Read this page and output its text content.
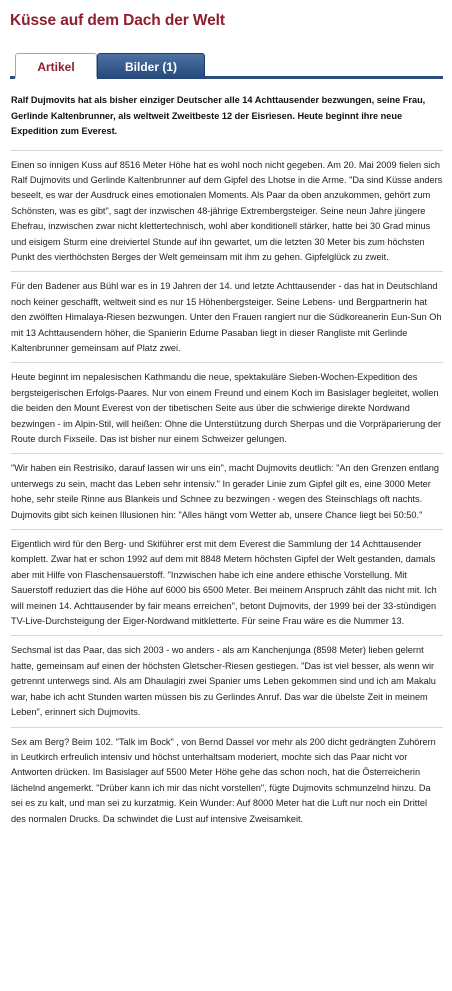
Küsse auf dem Dach der Welt
Artikel	Bilder (1)

Ralf Dujmovits hat als bisher einziger Deutscher alle 14 Achttausender bezwungen, seine Frau, Gerlinde Kaltenbrunner, als weltweit Zweitbeste 12 der Eisriesen. Heute beginnt ihre neue Expedition zum Everest.

Einen so innigen Kuss auf 8516 Meter Höhe hat es wohl noch nicht gegeben. Am 20. Mai 2009 fielen sich Ralf Dujmovits und Gerlinde Kaltenbrunner auf dem Gipfel des Lhotse in die Arme. "Da sind Küsse anders beseelt, es war der Ausdruck eines emotionalen Moments. Als Paar da oben anzukommen, gehört zum Schönsten, was es gibt", sagt der inzwischen 48-jährige Extrembergsteiger. Seine neun Jahre jüngere Ehefrau, inzwischen zwar nicht klettertechnisch, wohl aber konditionell stärker, hatte bei 30 Grad minus und eisigem Sturm eine dreiviertel Stunde auf ihn gewartet, um die letzten 30 Meter bis zum höchsten Punkt des vierthöchsten Berges der Welt gemeinsam mit ihm zu gehen. Gipfelglück zu zweit.

Für den Badener aus Bühl war es in 19 Jahren der 14. und letzte Achttausender - das hat in Deutschland noch keiner geschafft, weltweit sind es nur 15 Höhenbergsteiger. Seine Lebens- und Bergpartnerin hat den zwölften Himalaya-Riesen bezwungen. Unter den Frauen rangiert nur die Südkoreanerin Eun-Sun Oh mit 13 Achttausendern höher, die Spanierin Edurne Pasaban liegt in dieser Rangliste mit Gerlinde Kaltenbrunner gemeinsam auf Platz zwei.

Heute beginnt im nepalesischen Kathmandu die neue, spektakuläre Sieben-Wochen-Expedition des bergsteigerischen Erfolgs-Paares. Nur von einem Freund und einem Koch im Basislager begleitet, wollen die beiden den Mount Everest von der tibetischen Seite aus über die schwierige direkte Nordwand bezwingen - im Alpin-Stil, will heißen: Ohne die Unterstützung durch Sherpas und die Vorpräparierung der Route durch Fixseile. Das ist bisher nur einem Schweizer gelungen.

"Wir haben ein Restrisiko, darauf lassen wir uns ein", macht Dujmovits deutlich: "An den Grenzen entlang unterwegs zu sein, macht das Leben sehr intensiv." In gerader Linie zum Gipfel gilt es, eine 3000 Meter hohe, sehr steile Rinne aus Blankeis und Schnee zu bezwingen - wegen des Steinschlags oft nachts. Dujmovits gibt sich keinen Illusionen hin: "Alles hängt vom Wetter ab, unsere Chance liegt bei 50:50."

Eigentlich wird für den Berg- und Skiführer erst mit dem Everest die Sammlung der 14 Achttausender komplett. Zwar hat er schon 1992 auf dem mit 8848 Metern höchsten Gipfel der Welt gestanden, damals aber mit Hilfe von Flaschensauerstoff. "Inzwischen habe ich eine andere ethische Vorstellung. Mit Sauerstoff reduziert das die Höhe auf 6000 bis 6500 Meter. Bei meinem Anspruch zählt das nicht mit. Ich will meinen 14. Achttausender by fair means erreichen", betont Dujmovits, der 1999 bei der 33-stündigen TV-Live-Durchsteigung der Eiger-Nordwand mitkletterte. Für seine Frau wäre es die Nummer 13.

Sechsmal ist das Paar, das sich 2003 - wo anders - als am Kanchenjunga (8598 Meter) lieben gelernt hatte, gemeinsam auf einen der höchsten Gletscher-Riesen gestiegen. "Das ist viel besser, als wenn wir getrennt unterwegs sind. Als am Dhaulagiri zwei Spanier ums Leben gekommen sind und ich am Makalu war, habe ich acht Stunden warten müssen bis zu Gerlindes Anruf. Das war die übelste Zeit in meinem Leben", erinnert sich Dujmovits.

Sex am Berg? Beim 102. "Talk im Bock" , von Bernd Dassel vor mehr als 200 dicht gedrängten Zuhörern in Leutkirch erfreulich intensiv und höchst unterhaltsam moderiert, mochte sich das Paar nicht vor Antworten drücken. Im Basislager auf 5500 Meter Höhe gehe das schon noch, hat die Österreicherin lächelnd angemerkt. "Drüber kann ich mir das nicht vorstellen", fügte Dujmovits schmunzelnd hinzu. Da sei es zu kalt, und man sei zu kurzatmig. Kein Wunder: Auf 8000 Meter hat die Luft nur noch ein Drittel des normalen Drucks. Da schwindet die Lust auf intensive Zweisamkeit.
